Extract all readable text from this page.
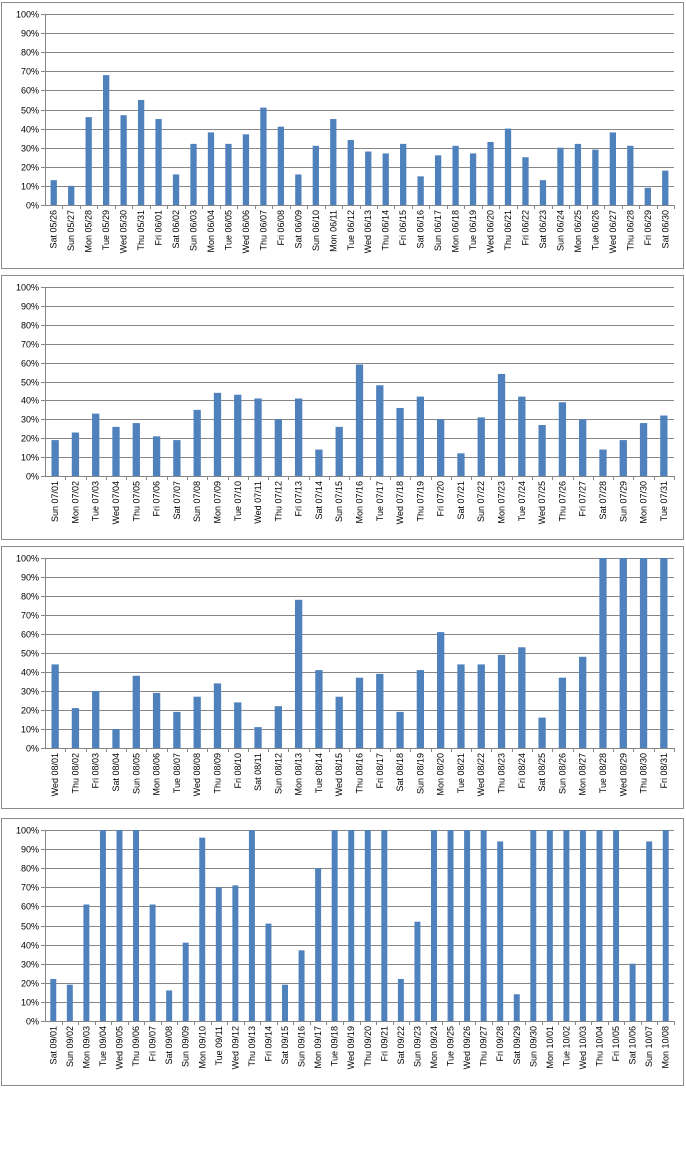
0%
10%
20%
30%
40%
50%
60%
70%
80%
90%
100%
Sat 05/26 Sun 05/27 Mon 05/28 Tue 05/29 Wed 05/30 Thu 05/31 Fri 06/01 Sat 06/02 Sun 06/03 Mon 06/04 Tue 06/05 Wed 06/06 Thu 06/07 Fri 06/08 Sat 06/09 Sun 06/10 Mon 06/11 Tue 06/12 Wed 06/13 Thu 06/14 Fri 06/15 Sat 06/16 Sun 06/17 Mon 06/18 Tue 06/19 Wed 06/20 Thu 06/21 Fri 06/22 Sat 06/23 Sun 06/24 Mon 06/25 Tue 06/26 Wed 06/27 Thu 06/28 Fri 06/29 Sat 06/30
0%
10%
20%
30%
40%
50%
60%
70%
80%
90%
100%
Sun 07/01 Mon 07/02 Tue 07/03 Wed 07/04 Thu 07/05 Fri 07/06 Sat 07/07 Sun 07/08 Mon 07/09 Tue 07/10 Wed 07/11 Thu 07/12 Fri 07/13 Sat 07/14 Sun 07/15 Mon 07/16 Tue 07/17 Wed 07/18 Thu 07/19 Fri 07/20 Sat 07/21 Sun 07/22 Mon 07/23 Tue 07/24 Wed 07/25 Thu 07/26 Fri 07/27 Sat 07/28 Sun 07/29 Mon 07/30 Tue 07/31
0%
10%
20%
30%
40%
50%
60%
70%
80%
90%
100%
Wed 08/01 Thu 08/02 Fri 08/03 Sat 08/04 Sun 08/05 Mon 08/06 Tue 08/07 Wed 08/08 Thu 08/09 Fri 08/10 Sat 08/11 Sun 08/12 Mon 08/13 Tue 08/14 Wed 08/15 Thu 08/16 Fri 08/17 Sat 08/18 Sun 08/19 Mon 08/20 Tue 08/21 Wed 08/22 Thu 08/23 Fri 08/24 Sat 08/25 Sun 08/26 Mon 08/27 Tue 08/28 Wed 08/29 Thu 08/30 Fri 08/31
0%
10%
20%
30%
40%
50%
60%
70%
80%
90%
100%
Sat 09/01 Sun 09/02 Mon 09/03 Tue 09/04 Wed 09/05 Thu 09/06 Fri 09/07 Sat 09/08 Sun 09/09 Mon 09/10 Tue 09/11 Wed 09/12 Thu 09/13 Fri 09/14 Sat 09/15 Sun 09/16 Mon 09/17 Tue 09/18 Wed 09/19 Thu 09/20 Fri 09/21 Sat 09/22 Sun 09/23 Mon 09/24 Tue 09/25 Wed 09/26 Thu 09/27 Fri 09/28 Sat 09/29 Sun 09/30 Mon 10/01 Tue 10/02 Wed 10/03 Thu 10/04 Fri 10/05 Sat 10/06 Sun 10/07 Mon 10/08
